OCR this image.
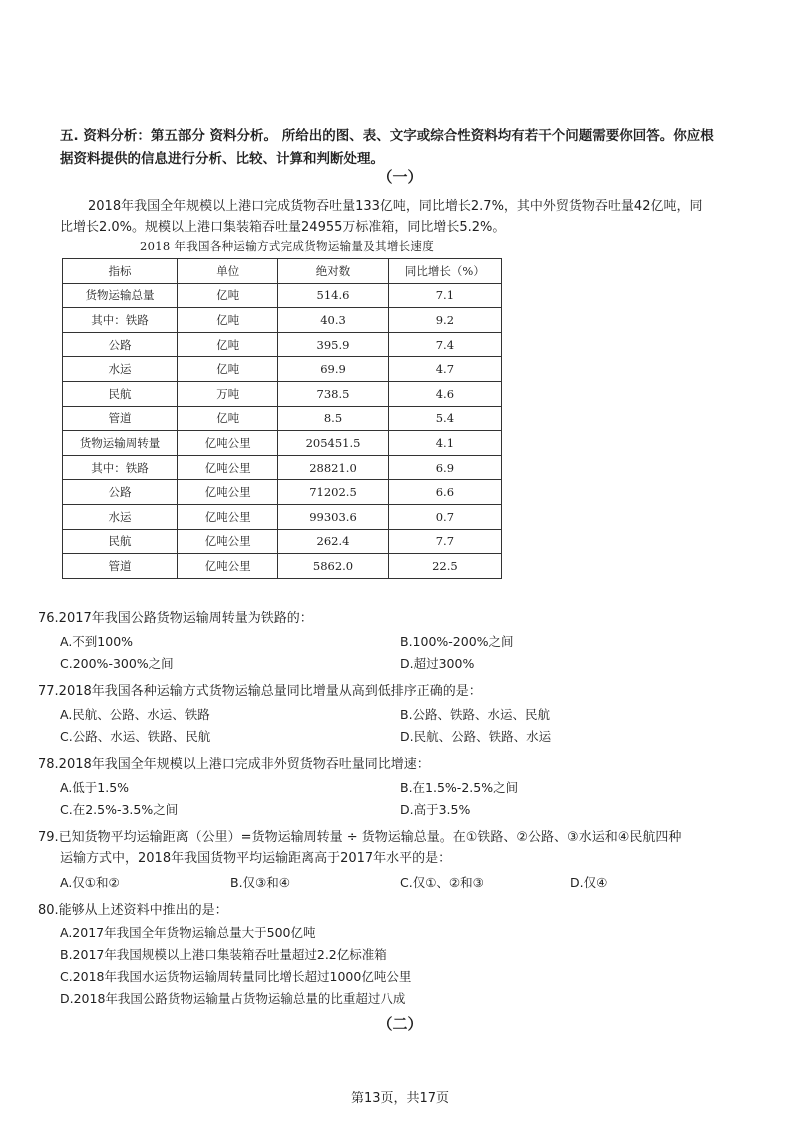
五. 资料分析：第五部分 资料分析。 所给出的图、表、文字或综合性资料均有若干个问题需要你回答。你应根
据资料提供的信息进行分析、比较、计算和判断处理。
（一）
2018年我国全年规模以上港口完成货物吞吐量133亿吨，同比增长2.7%，其中外贸货物吞吐量42亿吨，同
比增长2.0%。规模以上港口集装箱吞吐量24955万标准箱，同比增长5.2%。
2018 年我国各种运输方式完成货物运输量及其增长速度
指标	单位	绝对数	同比增长（%）
货物运输总量	亿吨	514.6	7.1
其中：铁路	亿吨	40.3	9.2
公路	亿吨	395.9	7.4
水运	亿吨	69.9	4.7
民航	万吨	738.5	4.6
管道	亿吨	8.5	5.4
货物运输周转量	亿吨公里	205451.5	4.1
其中：铁路	亿吨公里	28821.0	6.9
公路	亿吨公里	71202.5	6.6
水运	亿吨公里	99303.6	0.7
民航	亿吨公里	262.4	7.7
管道	亿吨公里	5862.0	22.5
76.2017年我国公路货物运输周转量为铁路的：
A.不到100%	B.100%-200%之间
C.200%-300%之间	D.超过300%
77.2018年我国各种运输方式货物运输总量同比增量从高到低排序正确的是：
A.民航、公路、水运、铁路	B.公路、铁路、水运、民航
C.公路、水运、铁路、民航	D.民航、公路、铁路、水运
78.2018年我国全年规模以上港口完成非外贸货物吞吐量同比增速：
A.低于1.5%	B.在1.5%-2.5%之间
C.在2.5%-3.5%之间	D.高于3.5%
79.已知货物平均运输距离（公里）=货物运输周转量 ÷ 货物运输总量。在①铁路、②公路、③水运和④民航四种
运输方式中，2018年我国货物平均运输距离高于2017年水平的是：
A.仅①和②	B.仅③和④	C.仅①、②和③	D.仅④
80.能够从上述资料中推出的是：
A.2017年我国全年货物运输总量大于500亿吨
B.2017年我国规模以上港口集装箱吞吐量超过2.2亿标准箱
C.2018年我国水运货物运输周转量同比增长超过1000亿吨公里
D.2018年我国公路货物运输量占货物运输总量的比重超过八成
（二）
第13页，共17页
